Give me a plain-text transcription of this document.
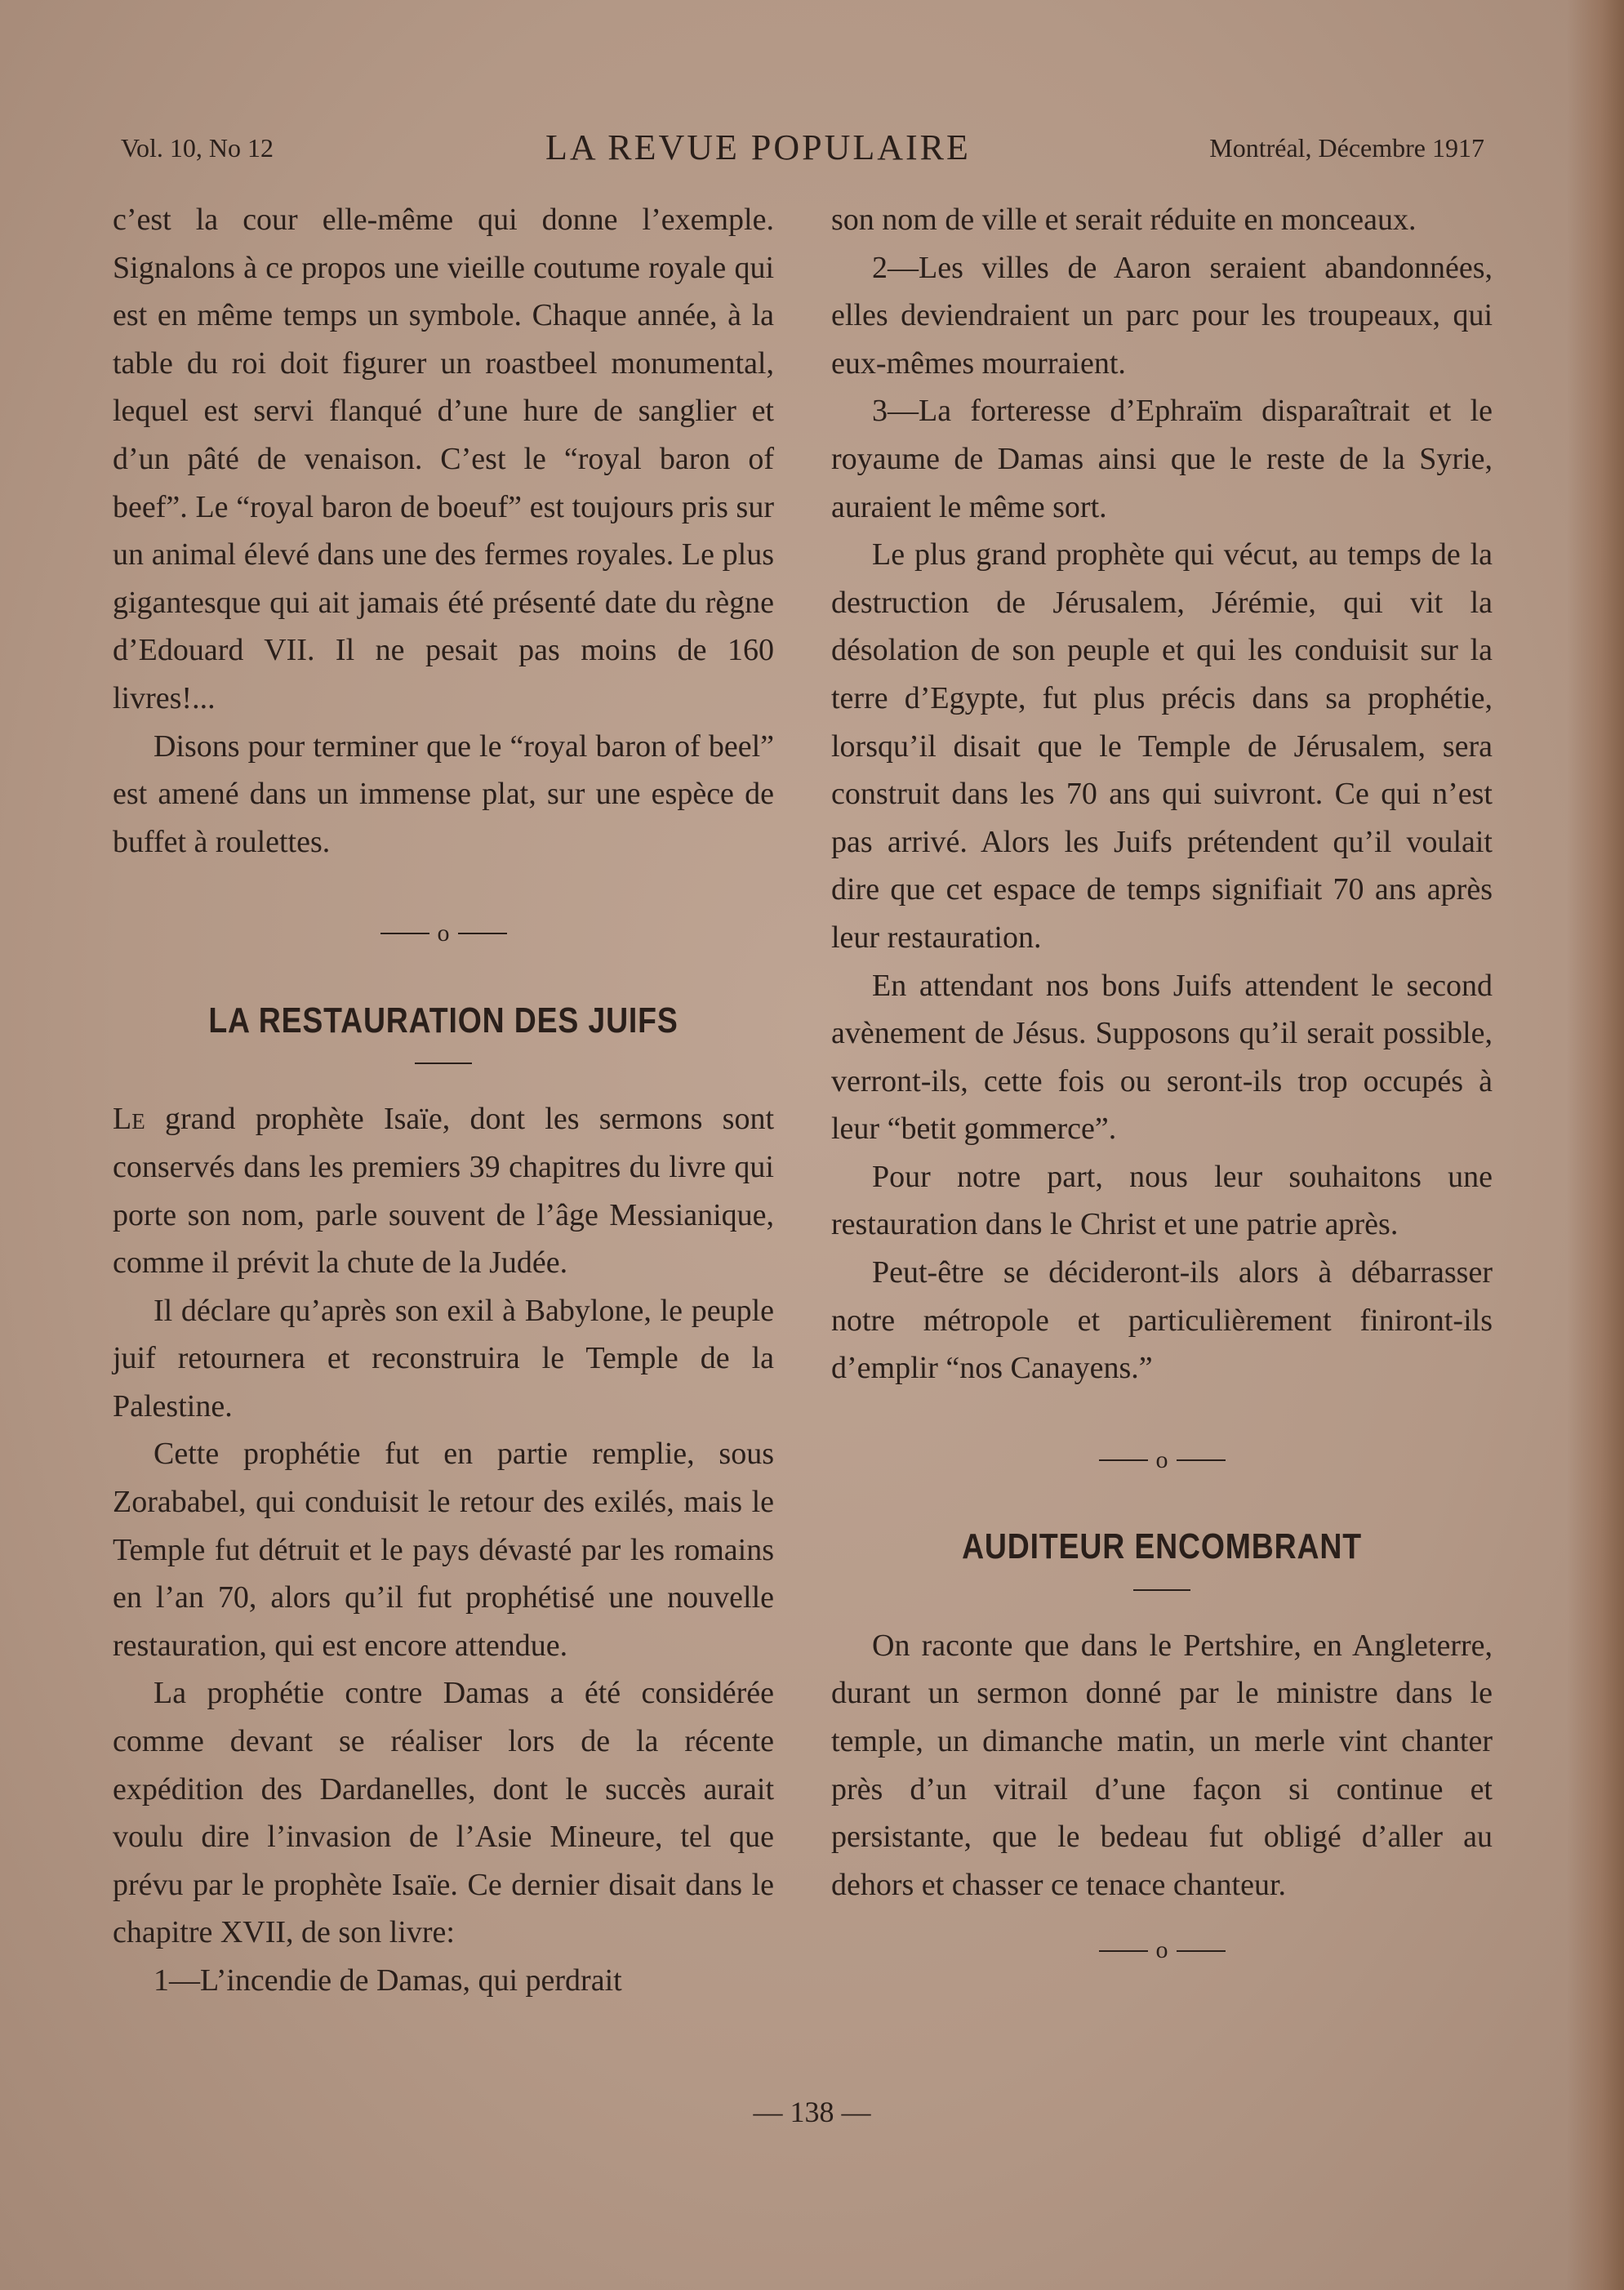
Vol. 10, No 12	LA REVUE POPULAIRE	Montréal, Décembre 1917

c’est la cour elle-même qui donne l’exemple. Signalons à ce propos une vieille coutume royale qui est en même temps un symbole. Chaque année, à la table du roi doit figurer un roastbeel monumental, lequel est servi flanqué d’une hure de sanglier et d’un pâté de venaison. C’est le “royal baron of beef”. Le “royal baron de boeuf” est toujours pris sur un animal élevé dans une des fermes royales. Le plus gigantesque qui ait jamais été présenté date du règne d’Edouard VII. Il ne pesait pas moins de 160 livres!...

Disons pour terminer que le “royal baron of beel” est amené dans un immense plat, sur une espèce de buffet à roulettes.

o
LA RESTAURATION DES JUIFS

Le grand prophète Isaïe, dont les sermons sont conservés dans les premiers 39 chapitres du livre qui porte son nom, parle souvent de l’âge Messianique, comme il prévit la chute de la Judée.

Il déclare qu’après son exil à Babylone, le peuple juif retournera et reconstruira le Temple de la Palestine.

Cette prophétie fut en partie remplie, sous Zorababel, qui conduisit le retour des exilés, mais le Temple fut détruit et le pays dévasté par les romains en l’an 70, alors qu’il fut prophétisé une nouvelle restauration, qui est encore attendue.

La prophétie contre Damas a été considérée comme devant se réaliser lors de la récente expédition des Dardanelles, dont le succès aurait voulu dire l’invasion de l’Asie Mineure, tel que prévu par le prophète Isaïe. Ce dernier disait dans le chapitre XVII, de son livre:

1—L’incendie de Damas, qui perdrait

son nom de ville et serait réduite en monceaux.

2—Les villes de Aaron seraient abandonnées, elles deviendraient un parc pour les troupeaux, qui eux-mêmes mourraient.

3—La forteresse d’Ephraïm disparaîtrait et le royaume de Damas ainsi que le reste de la Syrie, auraient le même sort.

Le plus grand prophète qui vécut, au temps de la destruction de Jérusalem, Jérémie, qui vit la désolation de son peuple et qui les conduisit sur la terre d’Egypte, fut plus précis dans sa prophétie, lorsqu’il disait que le Temple de Jérusalem, sera construit dans les 70 ans qui suivront. Ce qui n’est pas arrivé. Alors les Juifs prétendent qu’il voulait dire que cet espace de temps signifiait 70 ans après leur restauration.

En attendant nos bons Juifs attendent le second avènement de Jésus. Supposons qu’il serait possible, verront-ils, cette fois ou seront-ils trop occupés à leur “betit gommerce”.

Pour notre part, nous leur souhaitons une restauration dans le Christ et une patrie après.

Peut-être se décideront-ils alors à débarrasser notre métropole et particulièrement finiront-ils d’emplir “nos Canayens.”

o
AUDITEUR ENCOMBRANT

On raconte que dans le Pertshire, en Angleterre, durant un sermon donné par le ministre dans le temple, un dimanche matin, un merle vint chanter près d’un vitrail d’une façon si continue et persistante, que le bedeau fut obligé d’aller au dehors et chasser ce tenace chanteur.

o
— 138 —
